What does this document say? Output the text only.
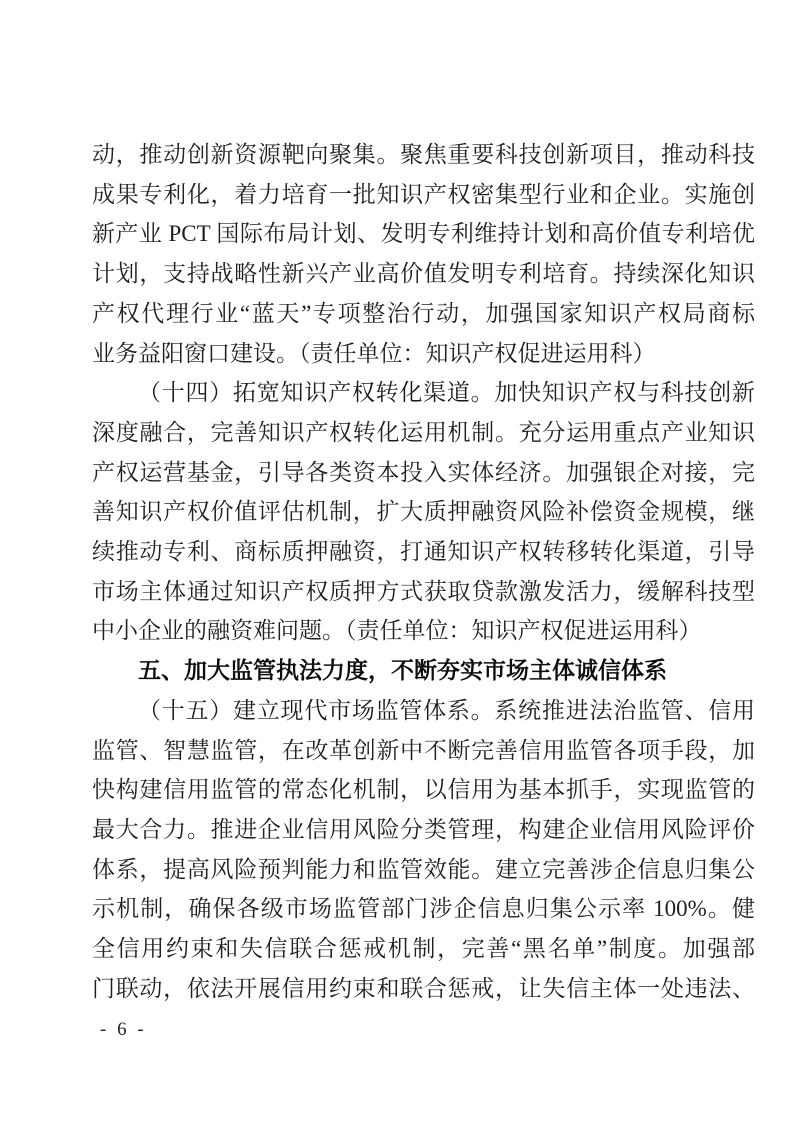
动，推动创新资源靶向聚集。聚焦重要科技创新项目，推动科技
成果专利化，着力培育一批知识产权密集型行业和企业。实施创
新产业 PCT 国际布局计划、发明专利维持计划和高价值专利培优
计划，支持战略性新兴产业高价值发明专利培育。持续深化知识
产权代理行业“蓝天”专项整治行动，加强国家知识产权局商标
业务益阳窗口建设。（责任单位：知识产权促进运用科）
（十四）拓宽知识产权转化渠道。加快知识产权与科技创新
深度融合，完善知识产权转化运用机制。充分运用重点产业知识
产权运营基金，引导各类资本投入实体经济。加强银企对接，完
善知识产权价值评估机制，扩大质押融资风险补偿资金规模，继
续推动专利、商标质押融资，打通知识产权转移转化渠道，引导
市场主体通过知识产权质押方式获取贷款激发活力，缓解科技型
中小企业的融资难问题。（责任单位：知识产权促进运用科）
五、加大监管执法力度，不断夯实市场主体诚信体系
（十五）建立现代市场监管体系。系统推进法治监管、信用
监管、智慧监管，在改革创新中不断完善信用监管各项手段，加
快构建信用监管的常态化机制，以信用为基本抓手，实现监管的
最大合力。推进企业信用风险分类管理，构建企业信用风险评价
体系，提高风险预判能力和监管效能。建立完善涉企信息归集公
示机制，确保各级市场监管部门涉企信息归集公示率 100%。健
全信用约束和失信联合惩戒机制，完善“黑名单”制度。加强部
门联动，依法开展信用约束和联合惩戒，让失信主体一处违法、
- 6 -
